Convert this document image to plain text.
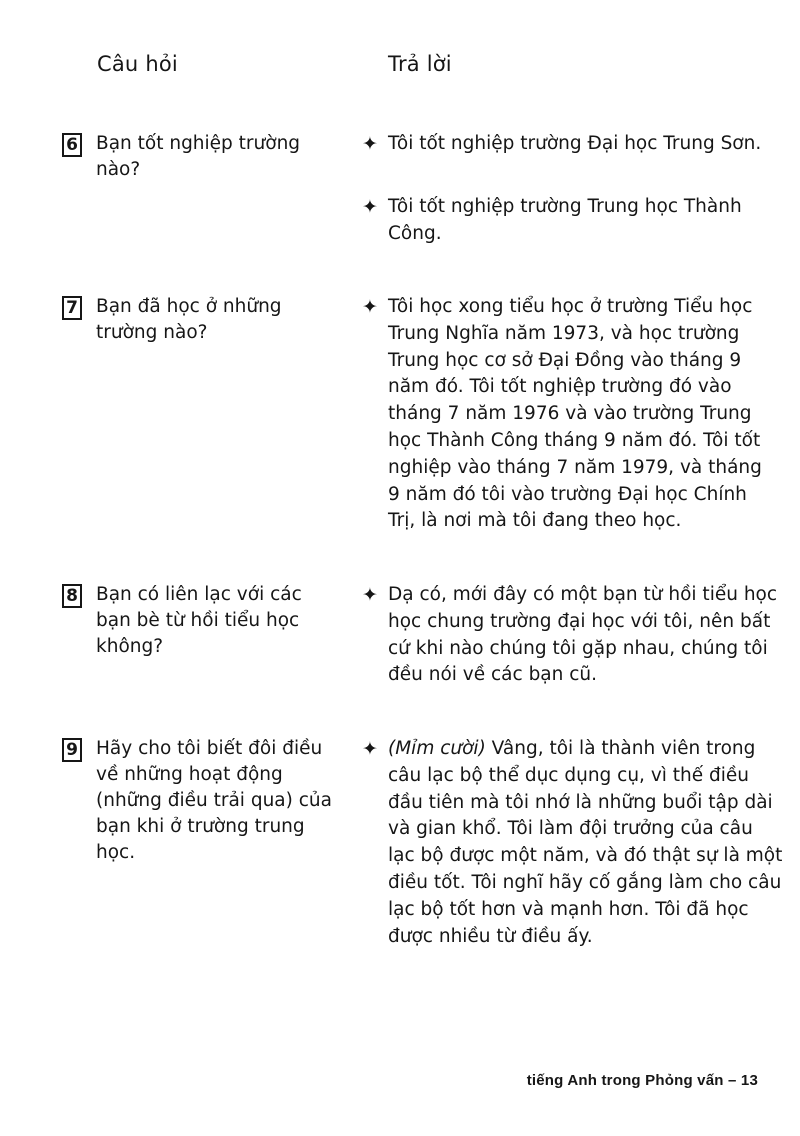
Câu hỏi	Trả lời
6 Bạn tốt nghiệp trường
nào?
✦ Tôi tốt nghiệp trường Đại học Trung Sơn.
✦ Tôi tốt nghiệp trường Trung học Thành
Công.
7 Bạn đã học ở những
trường nào?
✦ Tôi học xong tiểu học ở trường Tiểu học
Trung Nghĩa năm 1973, và học trường
Trung học cơ sở Đại Đồng vào tháng 9
năm đó. Tôi tốt nghiệp trường đó vào
tháng 7 năm 1976 và vào trường Trung
học Thành Công tháng 9 năm đó. Tôi tốt
nghiệp vào tháng 7 năm 1979, và tháng
9 năm đó tôi vào trường Đại học Chính
Trị, là nơi mà tôi đang theo học.
8 Bạn có liên lạc với các
bạn bè từ hồi tiểu học
không?
✦ Dạ có, mới đây có một bạn từ hồi tiểu học
học chung trường đại học với tôi, nên bất
cứ khi nào chúng tôi gặp nhau, chúng tôi
đều nói về các bạn cũ.
9 Hãy cho tôi biết đôi điều
về những hoạt động
(những điều trải qua) của
bạn khi ở trường trung
học.
✦ (Mỉm cười) Vâng, tôi là thành viên trong
câu lạc bộ thể dục dụng cụ, vì thế điều
đầu tiên mà tôi nhớ là những buổi tập dài
và gian khổ. Tôi làm đội trưởng của câu
lạc bộ được một năm, và đó thật sự là một
điều tốt. Tôi nghĩ hãy cố gắng làm cho câu
lạc bộ tốt hơn và mạnh hơn. Tôi đã học
được nhiều từ điều ấy.
tiếng Anh trong Phỏng vấn – 13
